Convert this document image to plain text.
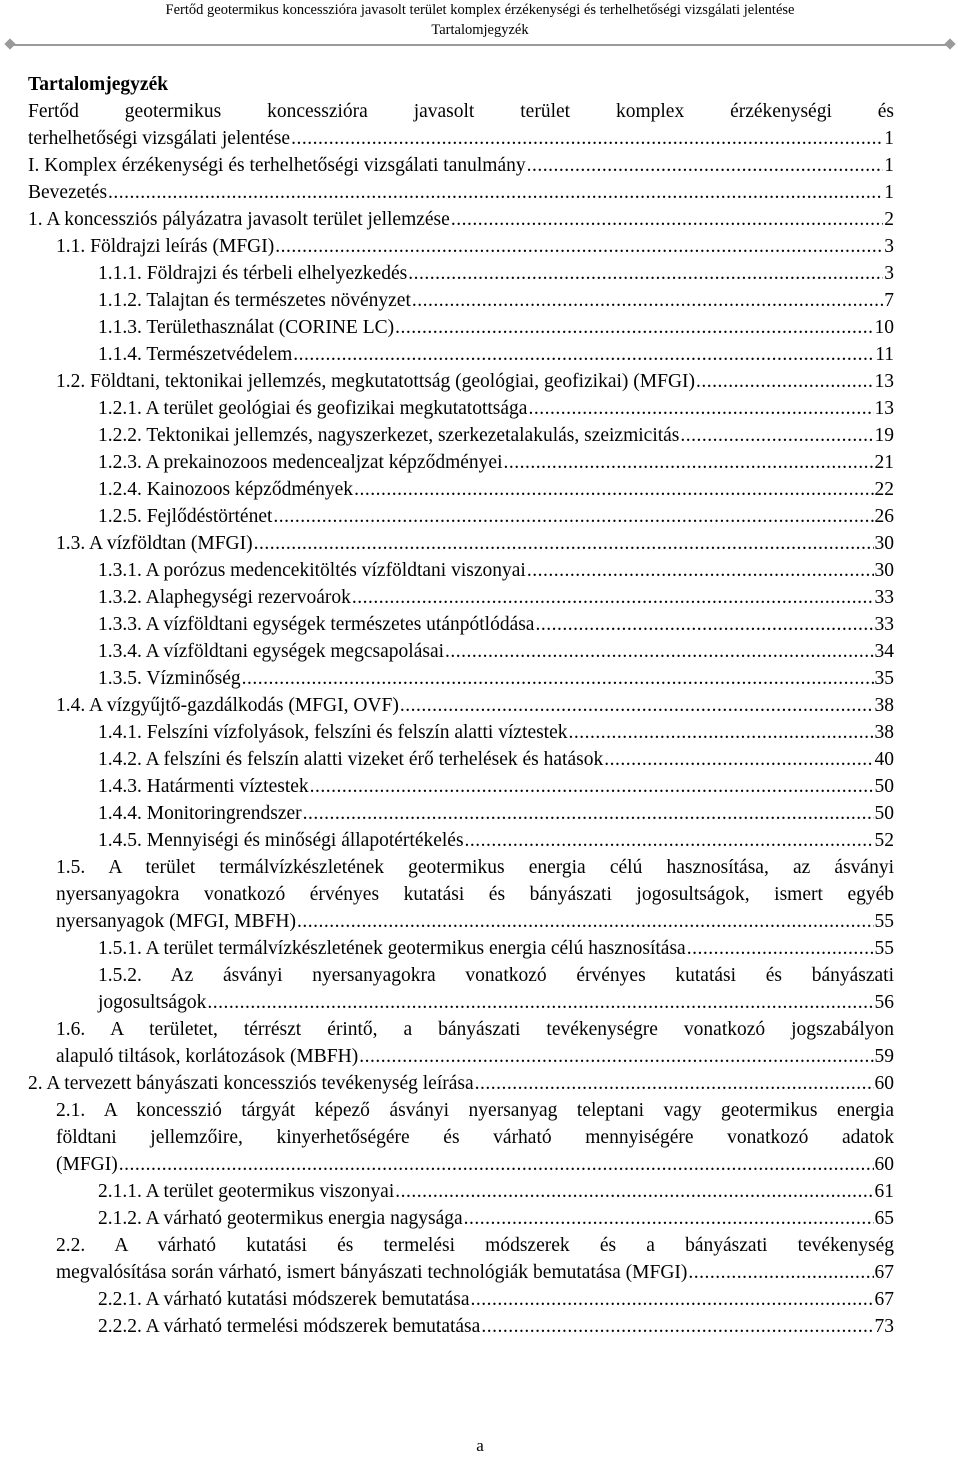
Fertőd geotermikus koncesszióra javasolt terület komplex érzékenységi és terhelhetőségi vizsgálati jelentése
Tartalomjegyzék
Tartalomjegyzék
Fertőd geotermikus koncesszióra javasolt terület komplex érzékenységi és
terhelhetőségi vizsgálati jelentése .....	1
I. Komplex érzékenységi és terhelhetőségi vizsgálati tanulmány .....	1
Bevezetés .....	1
1. A koncessziós pályázatra javasolt terület jellemzése .....	2
1.1. Földrajzi leírás (MFGI) .....	3
1.1.1. Földrajzi és térbeli elhelyezkedés .....	3
1.1.2. Talajtan és természetes növényzet .....	7
1.1.3. Területhasználat (CORINE LC) .....	10
1.1.4. Természetvédelem .....	11
1.2. Földtani, tektonikai jellemzés, megkutatottság (geológiai, geofizikai) (MFGI) .....	13
1.2.1. A terület geológiai és geofizikai megkutatottsága .....	13
1.2.2. Tektonikai jellemzés, nagyszerkezet, szerkezetalakulás, szeizmicitás .....	19
1.2.3. A prekainozoos medencealjzat képződményei .....	21
1.2.4. Kainozoos képződmények .....	22
1.2.5. Fejlődéstörténet .....	26
1.3. A vízföldtan (MFGI) .....	30
1.3.1. A porózus medencekitöltés vízföldtani viszonyai .....	30
1.3.2. Alaphegységi rezervoárok .....	33
1.3.3. A vízföldtani egységek természetes utánpótlódása .....	33
1.3.4. A vízföldtani egységek megcsapolásai .....	34
1.3.5. Vízminőség .....	35
1.4. A vízgyűjtő-gazdálkodás (MFGI, OVF) .....	38
1.4.1. Felszíni vízfolyások, felszíni és felszín alatti víztestek .....	38
1.4.2. A felszíni és felszín alatti vizeket érő terhelések és hatások .....	40
1.4.3. Határmenti víztestek .....	50
1.4.4. Monitoringrendszer .....	50
1.4.5. Mennyiségi és minőségi állapotértékelés .....	52
1.5. A terület termálvízkészletének geotermikus energia célú hasznosítása, az ásványi
nyersanyagokra vonatkozó érvényes kutatási és bányászati jogosultságok, ismert egyéb
nyersanyagok (MFGI, MBFH) .....	55
1.5.1. A terület termálvízkészletének geotermikus energia célú hasznosítása .....	55
1.5.2. Az ásványi nyersanyagokra vonatkozó érvényes kutatási és bányászati
jogosultságok .....	56
1.6. A területet, térrészt érintő, a bányászati tevékenységre vonatkozó jogszabályon
alapuló tiltások, korlátozások (MBFH) .....	59
2. A tervezett bányászati koncessziós tevékenység leírása .....	60
2.1. A koncesszió tárgyát képező ásványi nyersanyag teleptani vagy geotermikus energia
földtani jellemzőire, kinyerhetőségére és várható mennyiségére vonatkozó adatok
(MFGI) .....	60
2.1.1. A terület geotermikus viszonyai .....	61
2.1.2. A várható geotermikus energia nagysága .....	65
2.2. A várható kutatási és termelési módszerek és a bányászati tevékenység
megvalósítása során várható, ismert bányászati technológiák bemutatása (MFGI) .....	67
2.2.1. A várható kutatási módszerek bemutatása .....	67
2.2.2. A várható termelési módszerek bemutatása .....	73
a
